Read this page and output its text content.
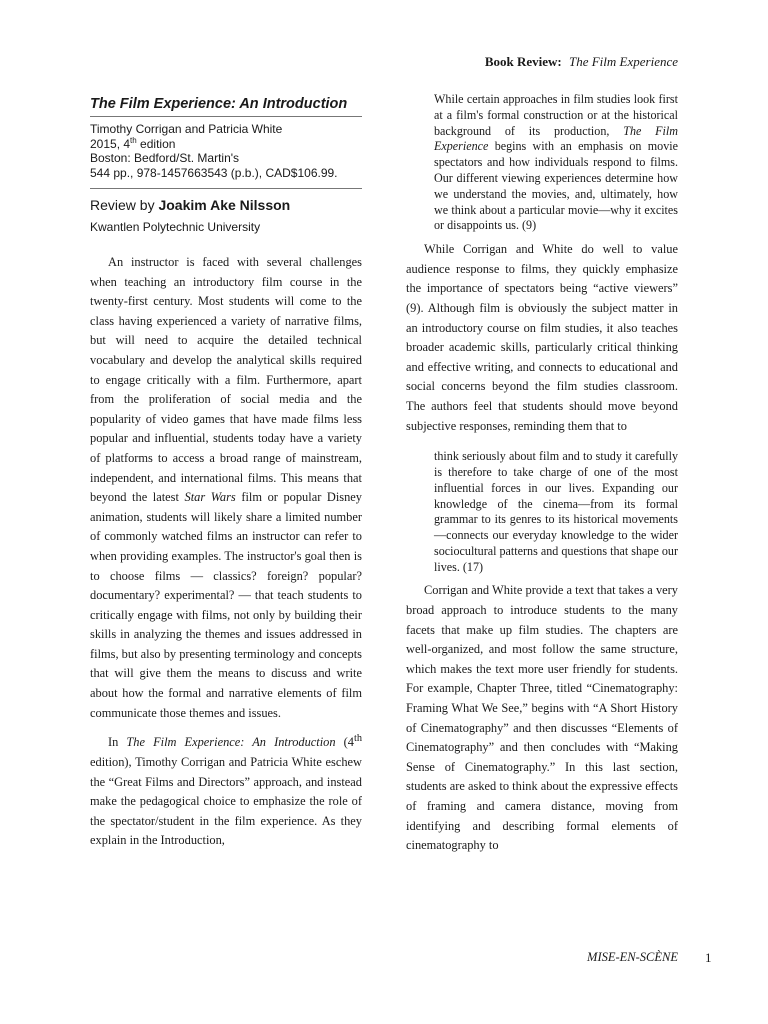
Book Review: The Film Experience
The Film Experience: An Introduction
Timothy Corrigan and Patricia White
2015, 4th edition
Boston: Bedford/St. Martin's
544 pp., 978-1457663543 (p.b.), CAD$106.99.
Review by Joakim Ake Nilsson
Kwantlen Polytechnic University

An instructor is faced with several challenges when teaching an introductory film course in the twenty-first century. Most students will come to the class having experienced a variety of narrative films, but will need to acquire the detailed technical vocabulary and develop the analytical skills required to engage critically with a film. Furthermore, apart from the proliferation of social media and the popularity of video games that have made films less popular and influential, students today have a variety of platforms to access a broad range of mainstream, independent, and international films. This means that beyond the latest Star Wars film or popular Disney animation, students will likely share a limited number of commonly watched films an instructor can refer to when providing examples. The instructor's goal then is to choose films — classics? foreign? popular? documentary? experimental? — that teach students to critically engage with films, not only by building their skills in analyzing the themes and issues addressed in films, but also by presenting terminology and concepts that will give them the means to discuss and write about how the formal and narrative elements of film communicate those themes and issues.

In The Film Experience: An Introduction (4th edition), Timothy Corrigan and Patricia White eschew the “Great Films and Directors” approach, and instead make the pedagogical choice to emphasize the role of the spectator/student in the film experience. As they explain in the Introduction,

While certain approaches in film studies look first at a film's formal construction or at the historical background of its production, The Film Experience begins with an emphasis on movie spectators and how individuals respond to films. Our different viewing experiences determine how we understand the movies, and, ultimately, how we think about a particular movie—why it excites or disappoints us. (9)

While Corrigan and White do well to value audience response to films, they quickly emphasize the importance of spectators being “active viewers” (9). Although film is obviously the subject matter in an introductory course on film studies, it also teaches broader academic skills, particularly critical thinking and effective writing, and connects to educational and social concerns beyond the film studies classroom. The authors feel that students should move beyond subjective responses, reminding them that to

think seriously about film and to study it carefully is therefore to take charge of one of the most influential forces in our lives. Expanding our knowledge of the cinema—from its formal grammar to its genres to its historical movements—connects our everyday knowledge to the wider sociocultural patterns and questions that shape our lives. (17)

Corrigan and White provide a text that takes a very broad approach to introduce students to the many facets that make up film studies. The chapters are well-organized, and most follow the same structure, which makes the text more user friendly for students. For example, Chapter Three, titled “Cinematography: Framing What We See,” begins with “A Short History of Cinematography” and then discusses “Elements of Cinematography” and then concludes with “Making Sense of Cinematography.” In this last section, students are asked to think about the expressive effects of framing and camera distance, moving from identifying and describing formal elements of cinematography to

MISE-EN-SCÈNE 1
